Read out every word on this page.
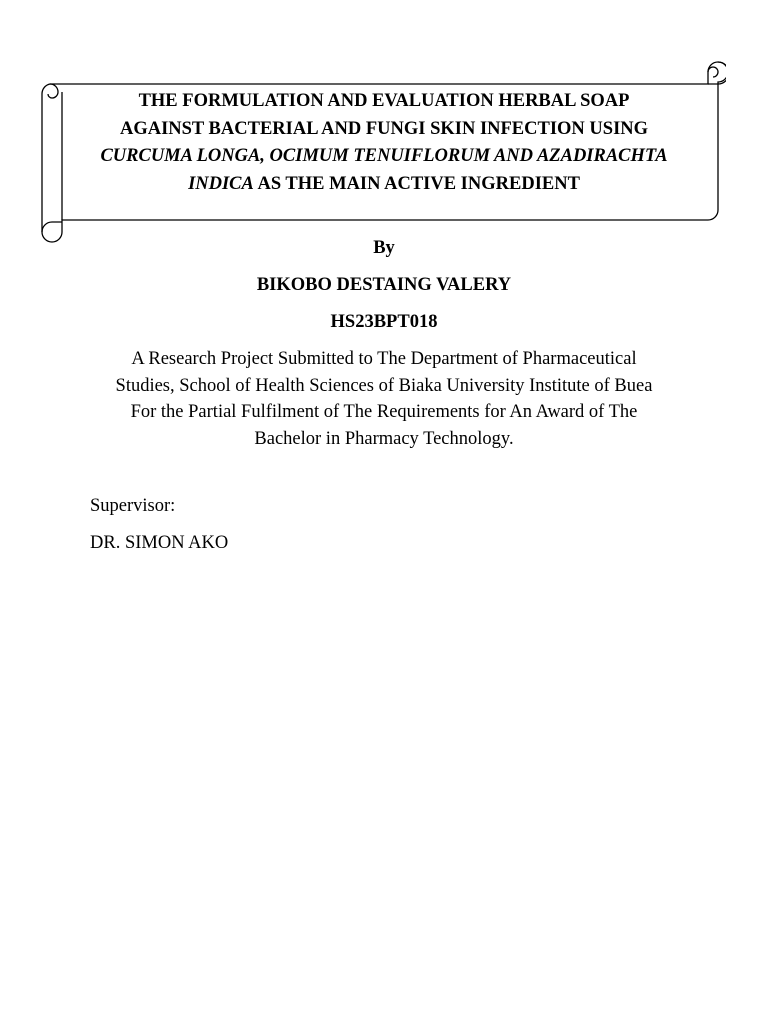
THE FORMULATION AND EVALUATION HERBAL SOAP
AGAINST BACTERIAL AND FUNGI SKIN INFECTION USING
CURCUMA LONGA, OCIMUM TENUIFLORUM AND AZADIRACHTA
INDICA AS THE MAIN ACTIVE INGREDIENT
By
BIKOBO DESTAING VALERY
HS23BPT018
A Research Project Submitted to The Department of Pharmaceutical
Studies, School of Health Sciences of Biaka University Institute of Buea
For the Partial Fulfilment of The Requirements for An Award of The
Bachelor in Pharmacy Technology.
Supervisor:
DR. SIMON AKO
